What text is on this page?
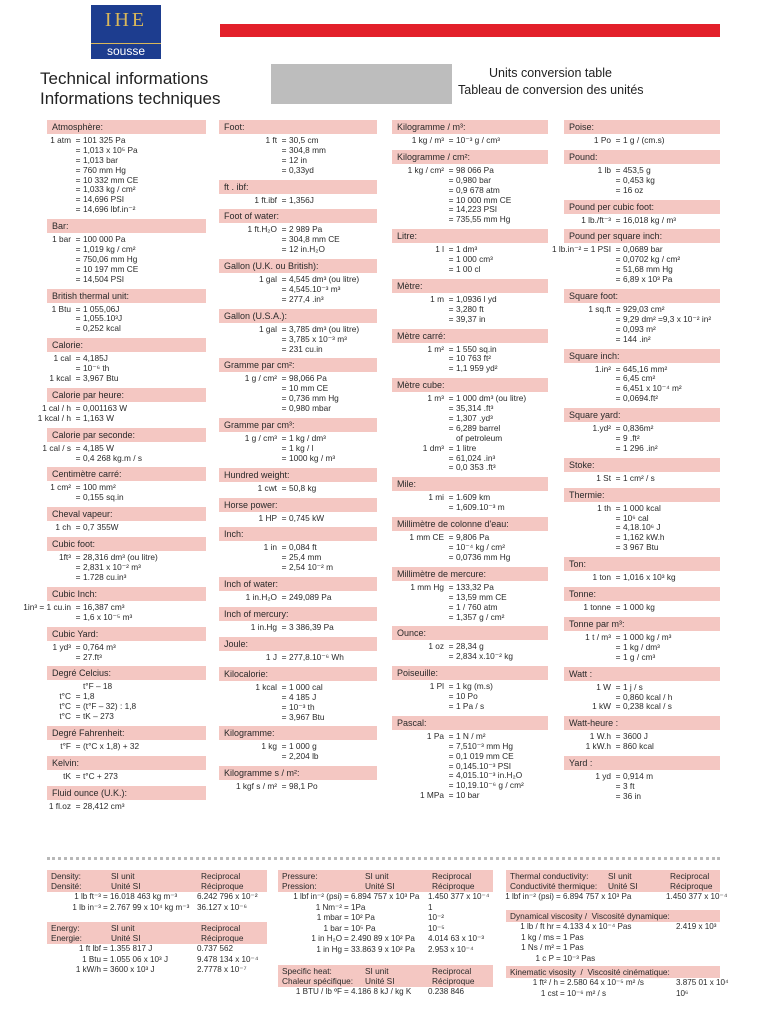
IHE
sousse
Technical informations
Informations techniques
Units conversion table
Tableau de conversion des unités
Atmosphère:
1 atm = 101 325 Pa
= 1,013 x 10⁵ Pa
= 1,013 bar
= 760 mm Hg
= 10 332 mm CE
= 1,033 kg / cm²
= 14,696 PSI
= 14,696 lbf.in⁻²
Bar:
1 bar = 100 000 Pa
= 1,019 kg / cm²
= 750,06 mm Hg
= 10 197 mm CE
= 14,504 PSI
British thermal unit:
1 Btu = 1 055,06J
= 1,055.10³J
= 0,252 kcal
Calorie:
1 cal = 4,185J
= 10⁻⁶ th
1 kcal = 3,967 Btu
Calorie par heure:
1 cal / h = 0,001163 W
1 kcal / h = 1,163 W
Calorie par seconde:
1 cal / s = 4,185 W
= 0,4 268 kg.m / s
Centimètre carré:
1 cm² = 100 mm²
= 0,155 sq.in
Cheval vapeur:
1 ch = 0,7 355W
Cubic foot:
1ft³ = 28,316 dm³ (ou litre)
= 2,831 x 10⁻² m³
= 1.728 cu.in³
Cubic Inch:
1in³ = 1 cu.in = 16,387 cm³
= 1,6 x 10⁻⁵ m³
Cubic Yard:
1 yd³ = 0,764 m³
= 27.ft³
Degré Celcius:
t°F – 18
t°C = 1,8
t°C = (t°F – 32) : 1,8
t°C = tK – 273
Degré Fahrenheit:
t°F = (t°C x 1,8) + 32
Kelvin:
tK = t°C + 273
Fluid ounce (U.K.):
1 fl.oz = 28,412 cm³
Foot:
1 ft = 30,5 cm
= 304,8 mm
= 12 in
= 0,33yd
ft . ibf:
1 ft.ibf = 1,356J
Foot of water:
1 ft.H₂O = 2 989 Pa
= 304,8 mm CE
= 12 in.H₂O
Gallon (U.K. ou British):
1 gal = 4,545 dm³ (ou litre)
= 4,545.10⁻³ m³
= 277,4 .in³
Gallon (U.S.A.):
1 gal = 3,785 dm³ (ou litre)
= 3,785 x 10⁻³ m³
= 231 cu.in
Gramme par cm²:
1 g / cm² = 98,066 Pa
= 10 mm CE
= 0,736 mm Hg
= 0,980 mbar
Gramme par cm³:
1 g / cm³ = 1 kg / dm³
= 1 kg / l
= 1000 kg / m³
Hundred weight:
1 cwt = 50,8 kg
Horse power:
1 HP = 0,745 kW
Inch:
1 in = 0,084 ft
= 25,4 mm
= 2,54 10⁻² m
Inch of water:
1 in.H₂O = 249,089 Pa
Inch of mercury:
1 in.Hg = 3 386,39 Pa
Joule:
1 J = 277,8.10⁻⁶ Wh
Kilocalorie:
1 kcal = 1 000 cal
= 4 185 J
= 10⁻³ th
= 3,967 Btu
Kilogramme:
1 kg = 1 000 g
= 2,204 lb
Kilogramme s / m²:
1 kgf s / m² = 98,1 Po
Kilogramme / m³:
1 kg / m³ = 10⁻³ g / cm³
Kilogramme / cm²:
1 kg / cm² = 98 066 Pa
= 0,980 bar
= 0,9 678 atm
= 10 000 mm CE
= 14,223 PSI
= 735,55 mm Hg
Litre:
1 l = 1 dm³
= 1 000 cm³
= 1 00 cl
Mètre:
1 m = 1,0936 l yd
= 3,280 ft
= 39,37 in
Mètre carré:
1 m² = 1 550 sq.in
= 10 763 ft²
= 1,1 959 yd²
Mètre cube:
1 m³ = 1 000 dm³ (ou litre)
= 35,314 .ft³
= 1,307 .yd³
= 6,289 barrel
of petroleum
1 dm³ = 1 litre
= 61,024 .in³
= 0,0 353 .ft³
Mile:
1 mi = 1.609 km
= 1,609.10⁻³ m
Millimètre de colonne d'eau:
1 mm CE = 9,806 Pa
= 10⁻⁴ kg / cm²
= 0,0736 mm Hg
Millimètre de mercure:
1 mm Hg = 133,32 Pa
= 13,59 mm CE
= 1 / 760 atm
= 1,357 g / cm²
Ounce:
1 oz = 28,34 g
= 2,834 x.10⁻² kg
Poiseuille:
1 Pl = 1 kg (m.s)
= 10 Po
= 1 Pa / s
Pascal:
1 Pa = 1 N / m²
= 7,510⁻³ mm Hg
= 0,1 019 mm CE
= 0,145.10⁻³ PSI
= 4,015.10⁻³ in.H₂O
= 10,19.10⁻⁶ g / cm²
1 MPa = 10 bar
Poise:
1 Po = 1 g / (cm.s)
Pound:
1 lb = 453,5 g
= 0,453 kg
= 16 oz
Pound per cubic foot:
1 lb./ft⁻³ = 16,018 kg / m³
Pound per square inch:
1 lb.in⁻² = 1 PSI = 0,0689 bar
= 0,0702 kg / cm²
= 51,68 mm Hg
= 6,89 x 10³ Pa
Square foot:
1 sq.ft = 929,03 cm²
= 9,29 dm² =9,3 x 10⁻² in²
= 0,093 m²
= 144 .in²
Square inch:
1.in² = 645,16 mm²
= 6,45 cm²
= 6,451 x 10⁻⁴ m²
= 0,0694.ft²
Square yard:
1.yd² = 0,836m²
= 9 .ft²
= 1 296 .in²
Stoke:
1 St = 1 cm² / s
Thermie:
1 th = 1 000 kcal
= 10⁶ cal
= 4,18.10⁶ J
= 1,162 kW.h
= 3 967 Btu
Ton:
1 ton = 1,016 x 10³ kg
Tonne:
1 tonne = 1 000 kg
Tonne par m³:
1 t / m³ = 1 000 kg / m³
= 1 kg / dm³
= 1 g / cm³
Watt :
1 W = 1 j / s
= 0,860 kcal / h
1 kW = 0,238 kcal / s
Watt-heure :
1 W.h = 3600 J
1 kW.h = 860 kcal
Yard :
1 yd = 0,914 m
= 3 ft
= 36 in
Density:
Densité:
SI unit
Unité SI
Reciprocal
Réciproque
1 lb ft⁻³ = 16.018 463 kg m⁻³ 6.242 796 x 10⁻²
1 lb in⁻³ = 2.767 99 x 10⁴ kg m⁻³ 36.127 x 10⁻⁶
Energy:
Energie:
SI unit
Unité SI
Reciprocal
Réciproque
1 ft lbf = 1.355 817 J	0.737 562
1 Btu = 1.055 06 x 10³ J	9.478 134 x 10⁻⁴
1 kW/h = 3600 x 10³ J	2.7778 x 10⁻⁷
Pressure:
Pression:
SI unit
Unité SI
Reciprocal
Réciproque
1 lbf in⁻² (psi) = 6.894 757 x 10³ Pa 1.450 377 x 10⁻⁴
1 Nm⁻² = 1Pa	1
1 mbar = 10² Pa	10⁻²
1 bar = 10⁵ Pa	10⁻⁵
1 in H₂O = 2.490 89 x 10² Pa 4.014 63 x 10⁻³
1 in Hg = 33.863 9 x 10² Pa 2.953 x 10⁻⁴
Specific heat:
Chaleur spécifique:
SI unit
Unité SI
Reciprocal
Réciproque
1 BTU / lb ºF = 4.186 8 kJ / kg K 0.238 846
Thermal conductivity:
Conductivité thermique:
SI unit
Unité SI
Reciprocal
Réciproque
1 lbf in⁻² (psi) = 6.894 757 x 10³ Pa	1.450 377 x 10⁻⁴
Dynamical viscosity /  Viscosité dynamique:
1 lb / ft hr = 4.133 4 x 10⁻⁴ Pas	2.419 x 10³
1 kg / ms = 1 Pas
1 Ns / m² = 1 Pas
1 c P = 10⁻³ Pas
Kinematic visosity  /  Viscosité cinématique:
1 ft² / h = 2.580 64 x 10⁻⁵ m² /s	3.875 01 x 10⁴
1 cst = 10⁻⁶ m² / s	10⁶
